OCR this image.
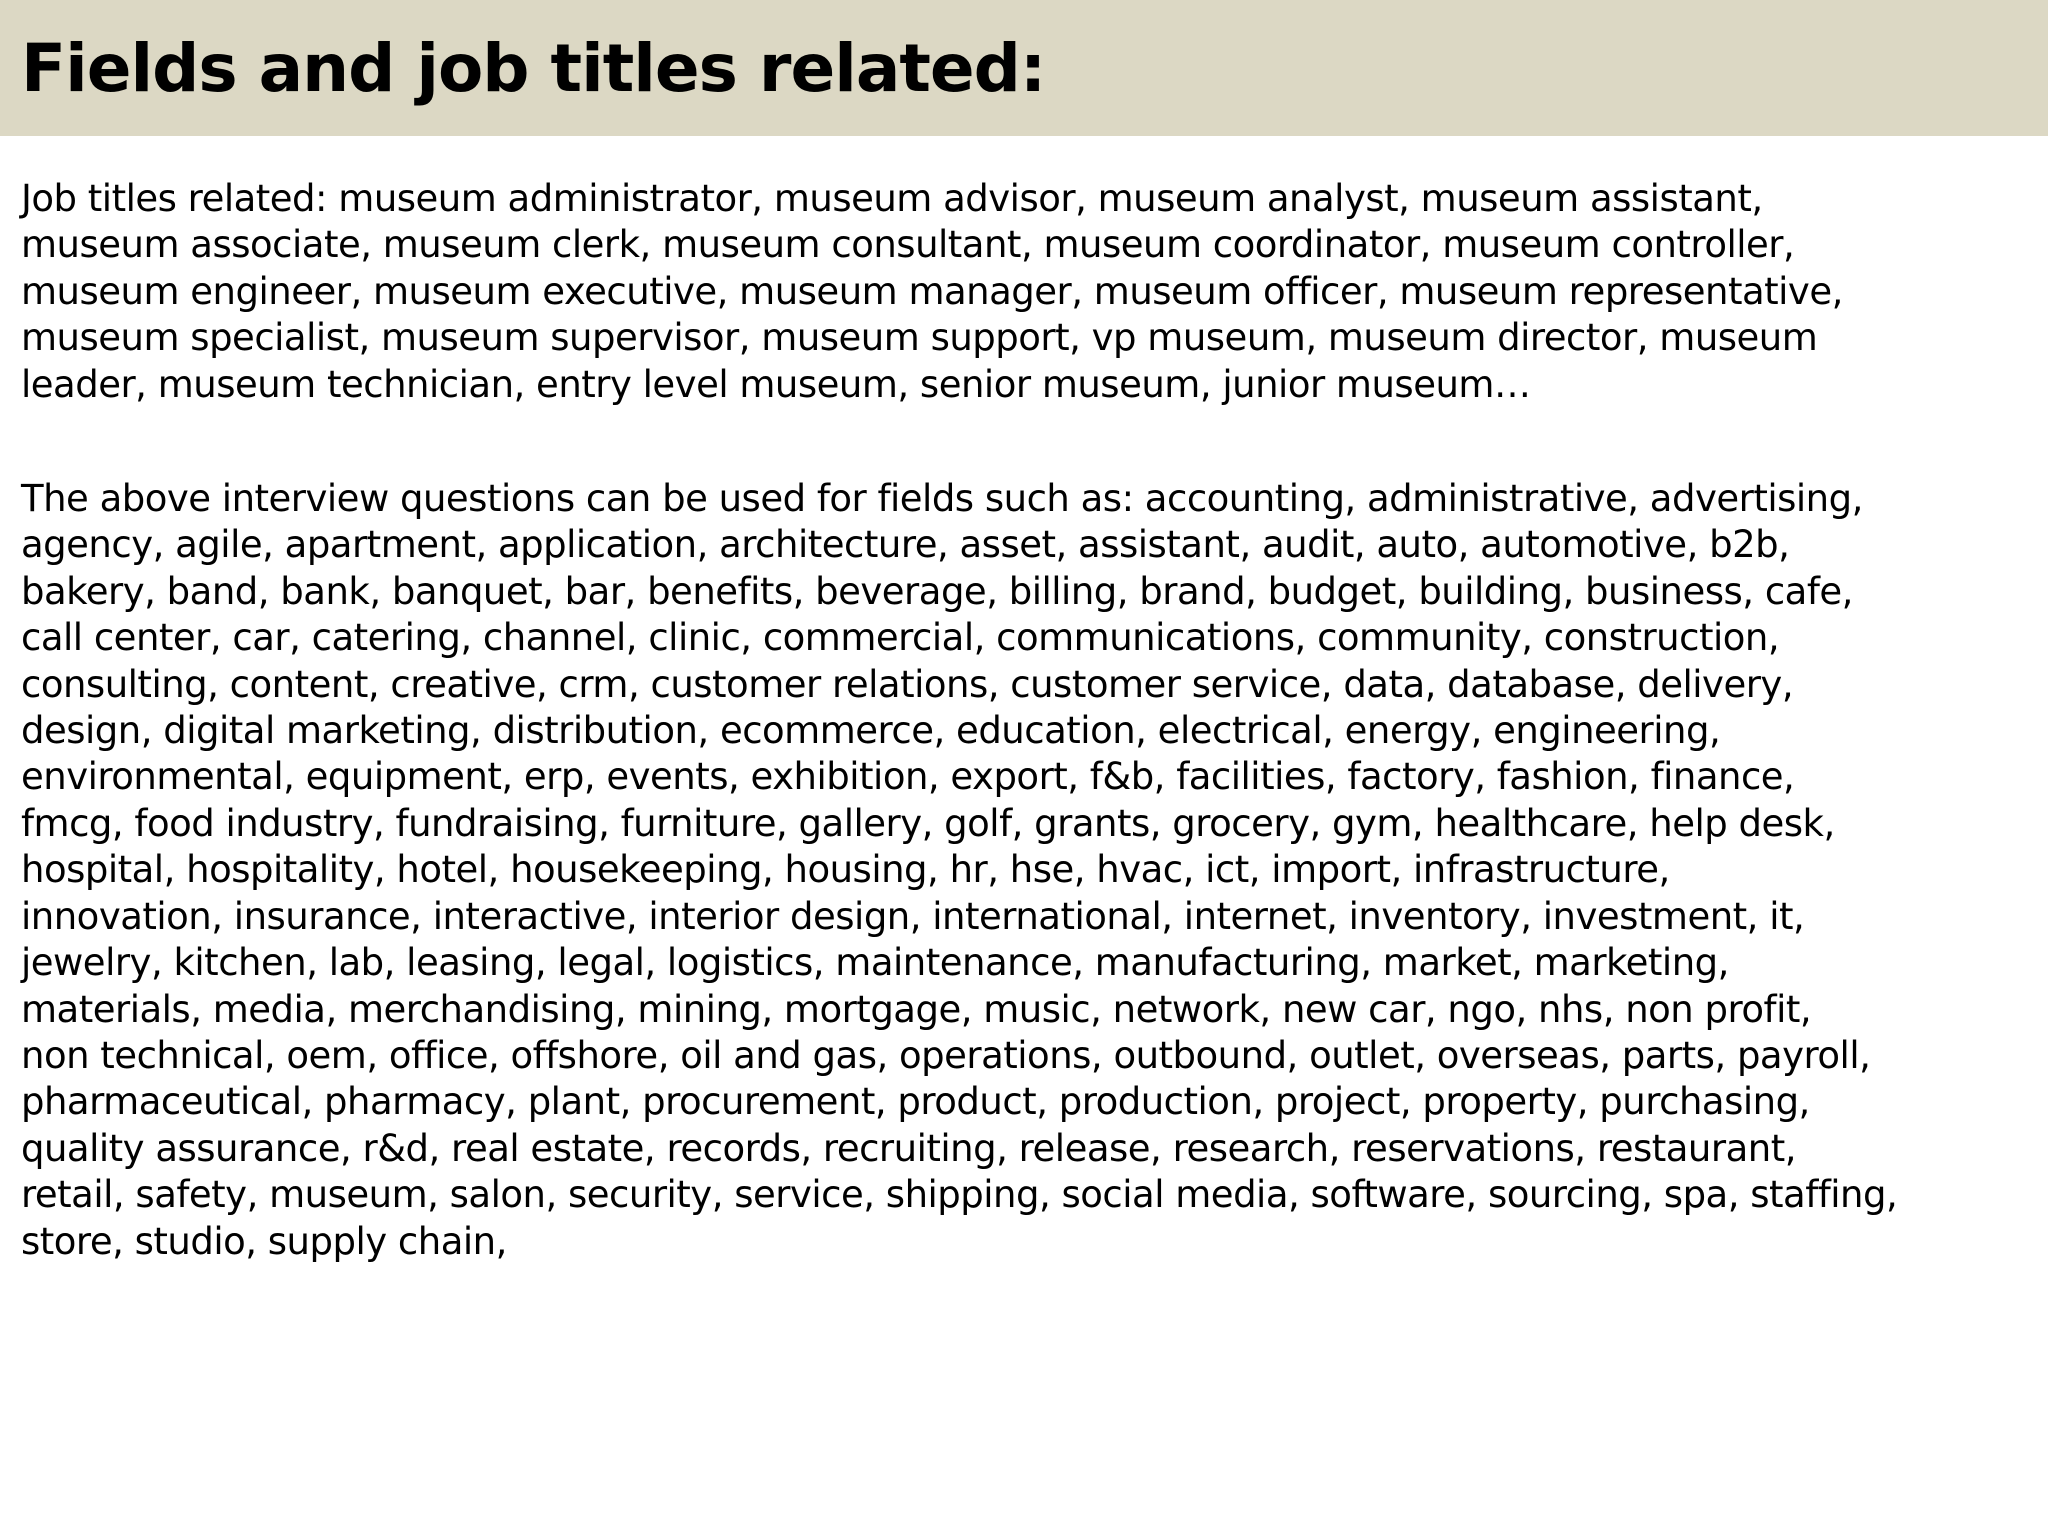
Fields and job titles related:

Job titles related: museum administrator, museum advisor, museum analyst, museum assistant,
museum associate, museum clerk, museum consultant, museum coordinator, museum controller,
museum engineer, museum executive, museum manager, museum officer, museum representative,
museum specialist, museum supervisor, museum support, vp museum, museum director, museum
leader, museum technician, entry level museum, senior museum, junior museum…

The above interview questions can be used for fields such as: accounting, administrative, advertising,
agency, agile, apartment, application, architecture, asset, assistant, audit, auto, automotive, b2b,
bakery, band, bank, banquet, bar, benefits, beverage, billing, brand, budget, building, business, cafe,
call center, car, catering, channel, clinic, commercial, communications, community, construction,
consulting, content, creative, crm, customer relations, customer service, data, database, delivery,
design, digital marketing, distribution, ecommerce, education, electrical, energy, engineering,
environmental, equipment, erp, events, exhibition, export, f&b, facilities, factory, fashion, finance,
fmcg, food industry, fundraising, furniture, gallery, golf, grants, grocery, gym, healthcare, help desk,
hospital, hospitality, hotel, housekeeping, housing, hr, hse, hvac, ict, import, infrastructure,
innovation, insurance, interactive, interior design, international, internet, inventory, investment, it,
jewelry, kitchen, lab, leasing, legal, logistics, maintenance, manufacturing, market, marketing,
materials, media, merchandising, mining, mortgage, music, network, new car, ngo, nhs, non profit,
non technical, oem, office, offshore, oil and gas, operations, outbound, outlet, overseas, parts, payroll,
pharmaceutical, pharmacy, plant, procurement, product, production, project, property, purchasing,
quality assurance, r&d, real estate, records, recruiting, release, research, reservations, restaurant,
retail, safety, museum, salon, security, service, shipping, social media, software, sourcing, spa, staffing,
store, studio, supply chain,
